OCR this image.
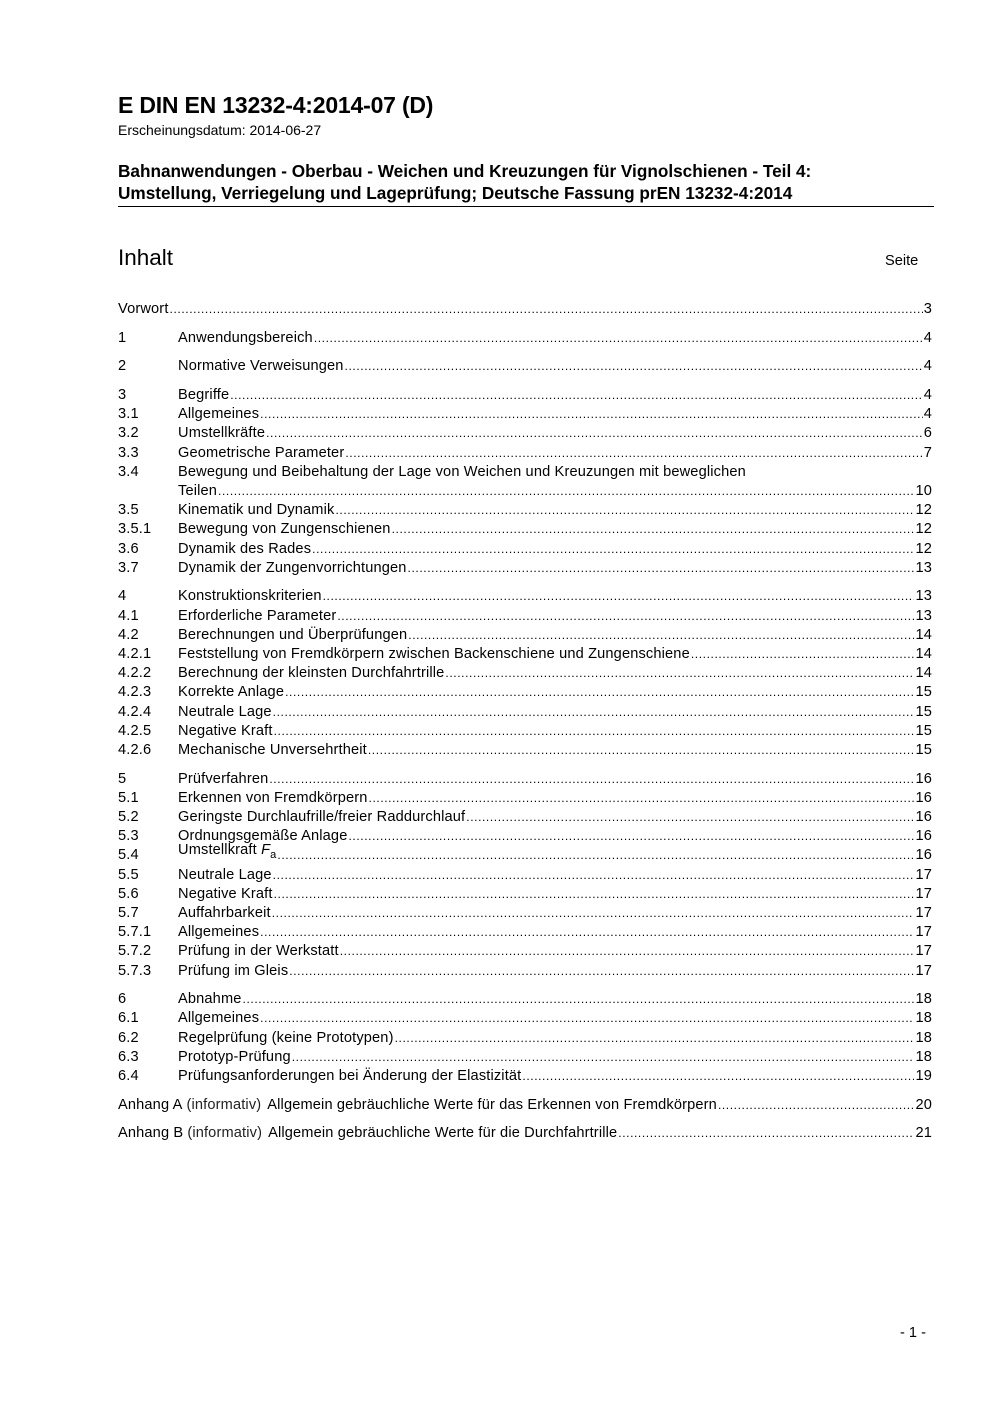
E DIN EN 13232-4:2014-07 (D)
Erscheinungsdatum: 2014-06-27
Bahnanwendungen - Oberbau - Weichen und Kreuzungen für Vignolschienen - Teil 4:
Umstellung, Verriegelung und Lageprüfung; Deutsche Fassung prEN 13232-4:2014
Inhalt	Seite
Vorwort .....	3
1	Anwendungsbereich .....	4
2	Normative Verweisungen .....	4
3	Begriffe .....	4
3.1	Allgemeines .....	4
3.2	Umstellkräfte .....	6
3.3	Geometrische Parameter .....	7
3.4	Bewegung und Beibehaltung der Lage von Weichen und Kreuzungen mit beweglichen
Teilen .....	10
3.5	Kinematik und Dynamik .....	12
3.5.1	Bewegung von Zungenschienen .....	12
3.6	Dynamik des Rades .....	12
3.7	Dynamik der Zungenvorrichtungen .....	13
4	Konstruktionskriterien .....	13
4.1	Erforderliche Parameter .....	13
4.2	Berechnungen und Überprüfungen .....	14
4.2.1	Feststellung von Fremdkörpern zwischen Backenschiene und Zungenschiene .....	14
4.2.2	Berechnung der kleinsten Durchfahrtrille .....	14
4.2.3	Korrekte Anlage .....	15
4.2.4	Neutrale Lage .....	15
4.2.5	Negative Kraft .....	15
4.2.6	Mechanische Unversehrtheit .....	15
5	Prüfverfahren .....	16
5.1	Erkennen von Fremdkörpern .....	16
5.2	Geringste Durchlaufrille/freier Raddurchlauf .....	16
5.3	Ordnungsgemäße Anlage .....	16
5.4	Umstellkraft $F_a$ .....	16
5.5	Neutrale Lage .....	17
5.6	Negative Kraft .....	17
5.7	Auffahrbarkeit .....	17
5.7.1	Allgemeines .....	17
5.7.2	Prüfung in der Werkstatt .....	17
5.7.3	Prüfung im Gleis .....	17
6	Abnahme .....	18
6.1	Allgemeines .....	18
6.2	Regelprüfung (keine Prototypen) .....	18
6.3	Prototyp-Prüfung .....	18
6.4	Prüfungsanforderungen bei Änderung der Elastizität .....	19
Anhang A (informativ) Allgemein gebräuchliche Werte für das Erkennen von Fremdkörpern .....	20
Anhang B (informativ) Allgemein gebräuchliche Werte für die Durchfahrtrille .....	21
- 1 -
